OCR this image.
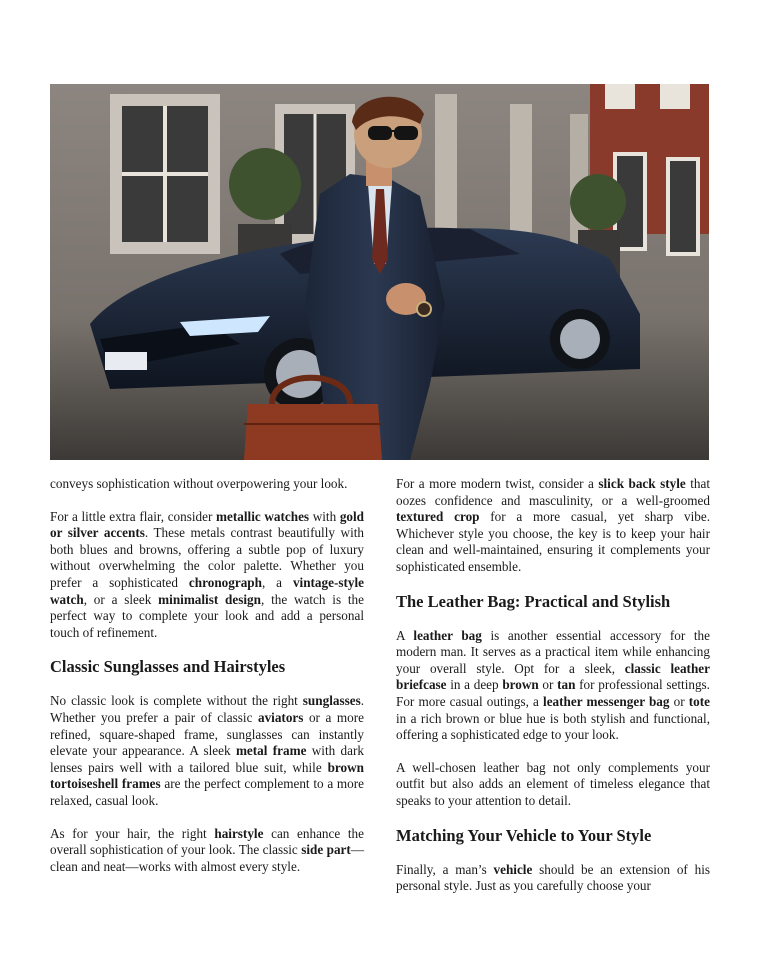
conveys sophistication without overpowering your look.

For a little extra flair, consider metallic watches with gold or silver accents. These metals contrast beautifully with both blues and browns, offering a subtle pop of luxury without overwhelming the color palette. Whether you prefer a sophisticated chronograph, a vintage-style watch, or a sleek minimalist design, the watch is the perfect way to complete your look and add a personal touch of refinement.

Classic Sunglasses and Hairstyles

No classic look is complete without the right sunglasses. Whether you prefer a pair of classic aviators or a more refined, square-shaped frame, sunglasses can instantly elevate your appearance. A sleek metal frame with dark lenses pairs well with a tailored blue suit, while brown tortoiseshell frames are the perfect complement to a more relaxed, casual look.

As for your hair, the right hairstyle can enhance the overall sophistication of your look. The classic side part—clean and neat—works with almost every style.

For a more modern twist, consider a slick back style that oozes confidence and masculinity, or a well-groomed textured crop for a more casual, yet sharp vibe. Whichever style you choose, the key is to keep your hair clean and well-maintained, ensuring it complements your sophisticated ensemble.

The Leather Bag: Practical and Stylish

A leather bag is another essential accessory for the modern man. It serves as a practical item while enhancing your overall style. Opt for a sleek, classic leather briefcase in a deep brown or tan for professional settings. For more casual outings, a leather messenger bag or tote in a rich brown or blue hue is both stylish and functional, offering a sophisticated edge to your look.

A well-chosen leather bag not only complements your outfit but also adds an element of timeless elegance that speaks to your attention to detail.

Matching Your Vehicle to Your Style

Finally, a man’s vehicle should be an extension of his personal style. Just as you carefully choose your
